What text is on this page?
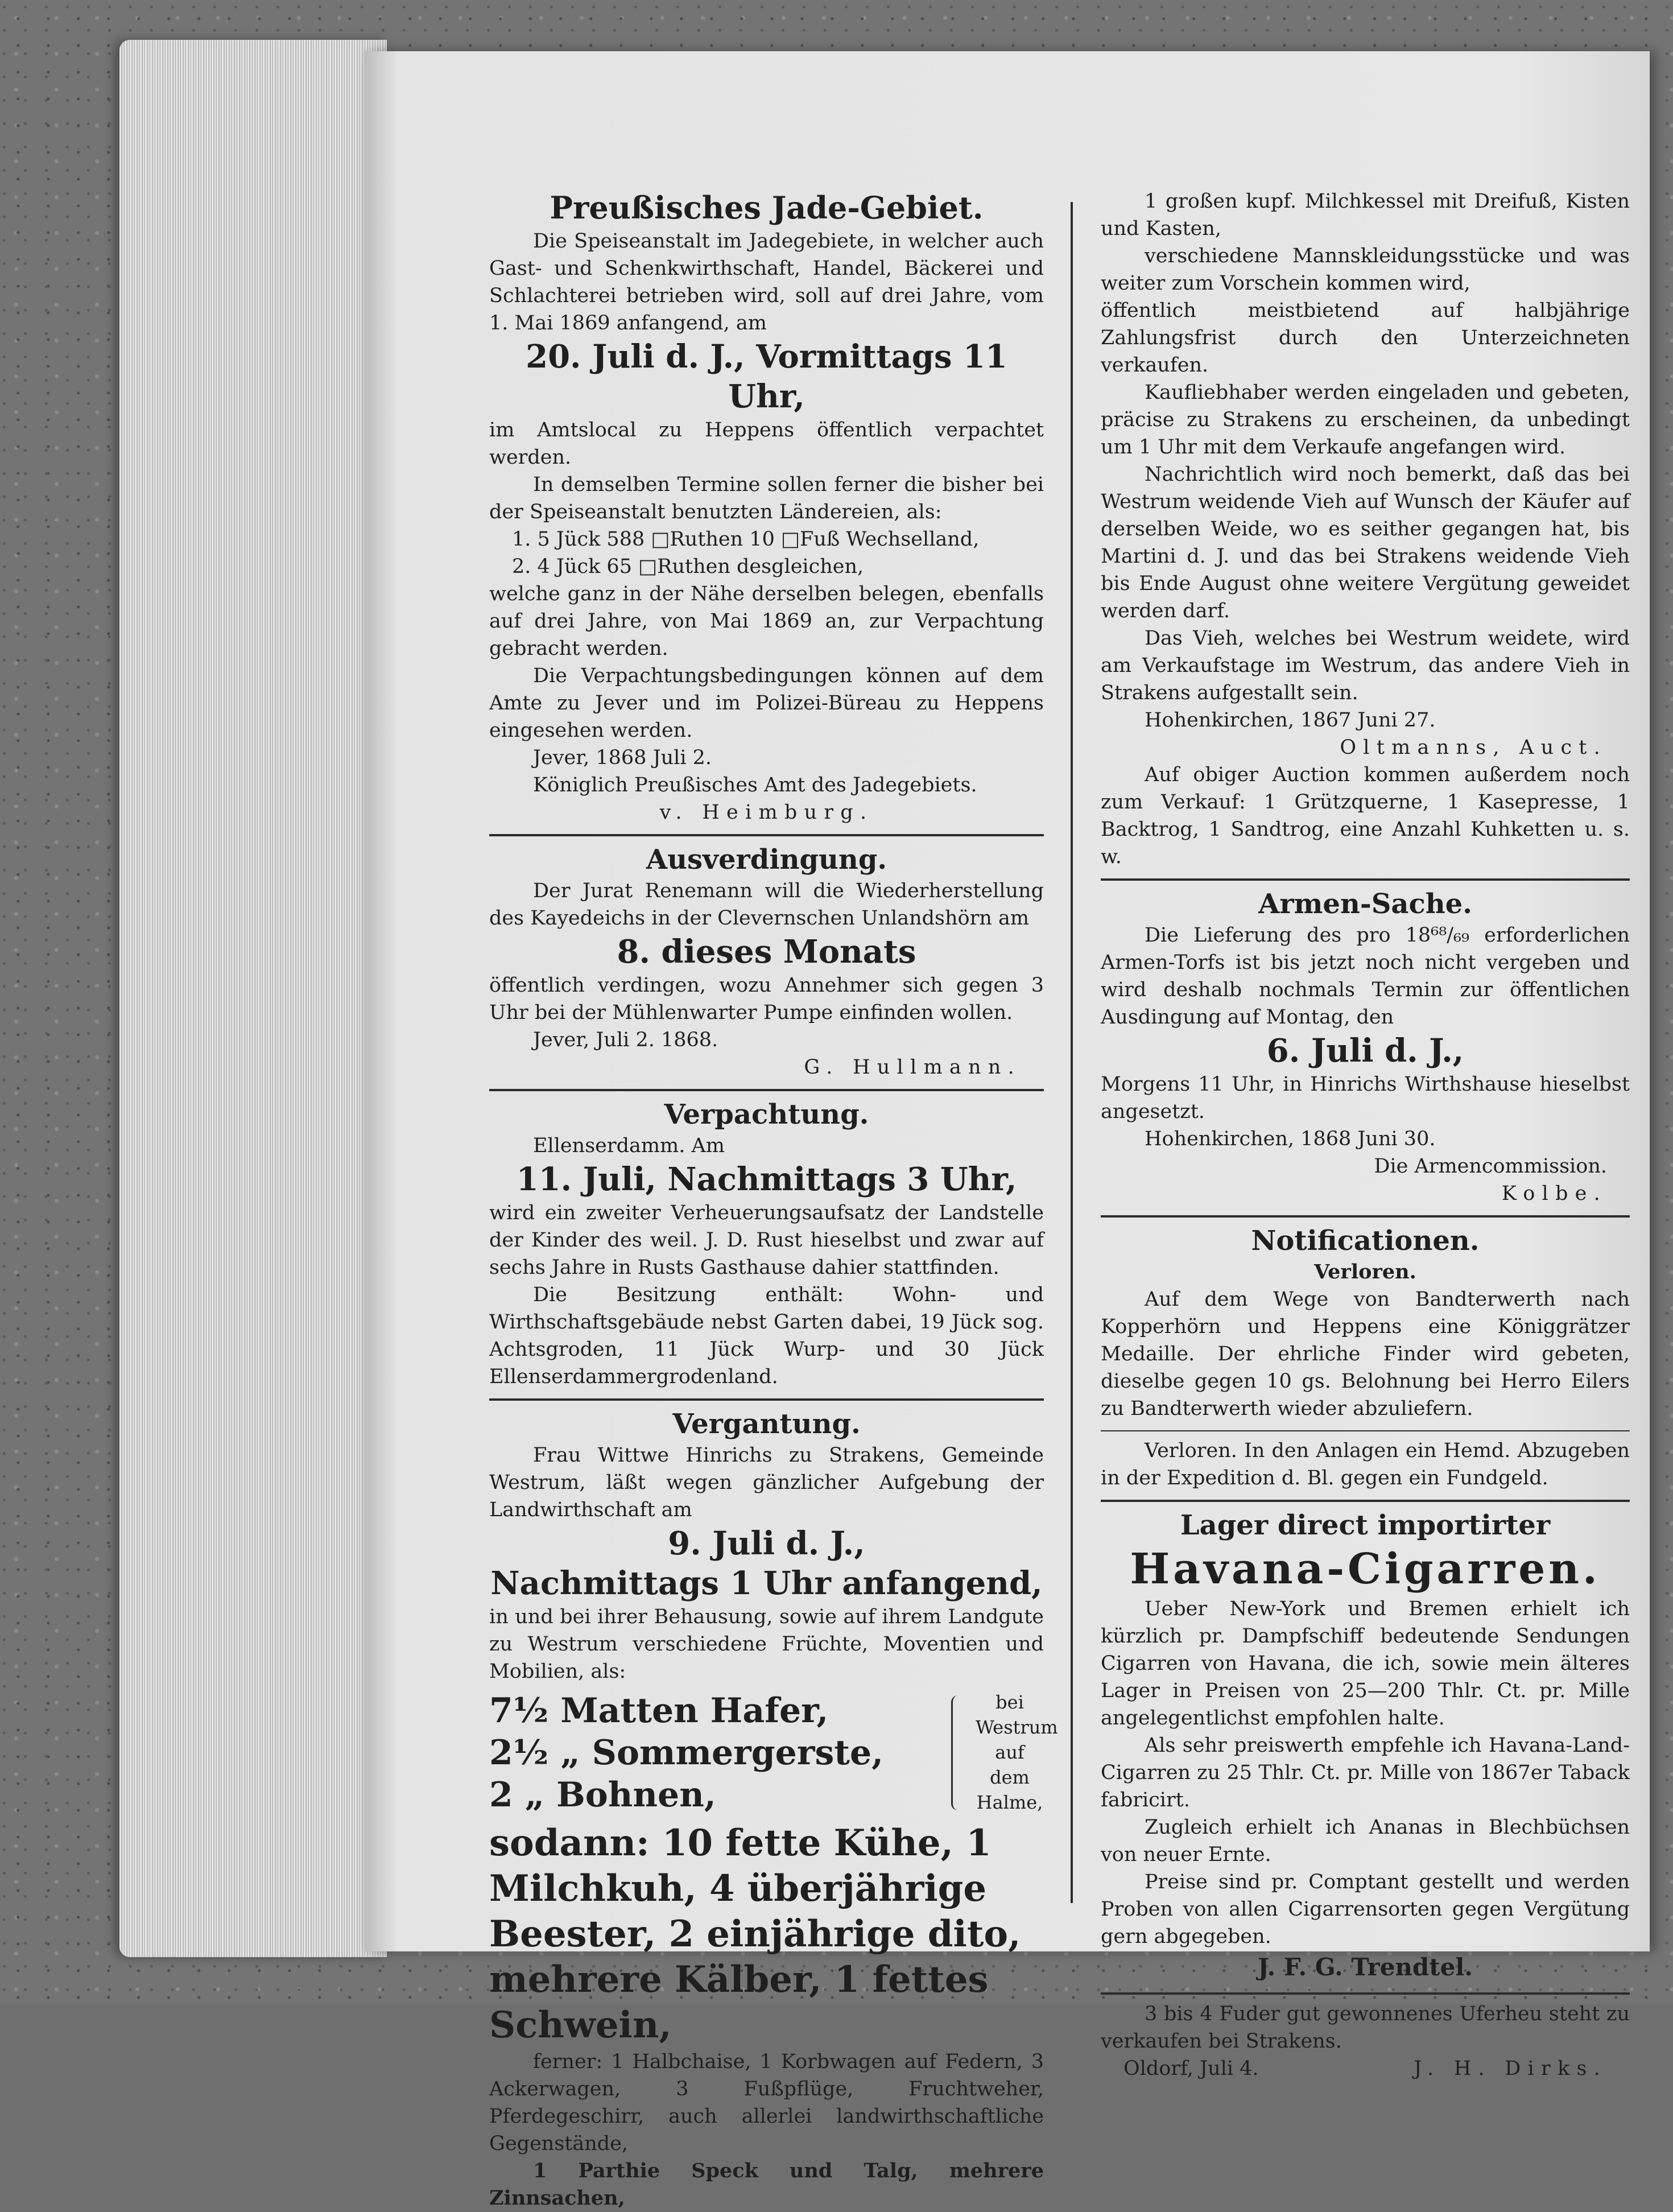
Preußisches Jade-Gebiet.

Die Speiseanstalt im Jadegebiete, in welcher auch Gast- und Schenkwirthschaft, Handel, Bäckerei und Schlachterei betrieben wird, soll auf drei Jahre, vom 1. Mai 1869 anfangend, am

20. Juli d. J., Vormittags 11 Uhr,

im Amtslocal zu Heppens öffentlich verpachtet werden.

In demselben Termine sollen ferner die bisher bei der Speiseanstalt benutzten Ländereien, als:

1. 5 Jück 588 □Ruthen 10 □Fuß Wechselland,
2. 4 Jück 65 □Ruthen desgleichen,

welche ganz in der Nähe derselben belegen, ebenfalls auf drei Jahre, von Mai 1869 an, zur Verpachtung gebracht werden.

Die Verpachtungsbedingungen können auf dem Amte zu Jever und im Polizei-Büreau zu Heppens eingesehen werden.

Jever, 1868 Juli 2.
Königlich Preußisches Amt des Jadegebiets.
v. Heimburg.
Ausverdingung.

Der Jurat Renemann will die Wiederherstellung des Kayedeichs in der Clevernschen Unlandshörn am

8. dieses Monats

öffentlich verdingen, wozu Annehmer sich gegen 3 Uhr bei der Mühlenwarter Pumpe einfinden wollen.

Jever, Juli 2. 1868.
G. Hullmann.
Verpachtung.
Ellenserdamm. Am
11. Juli, Nachmittags 3 Uhr,

wird ein zweiter Verheuerungsaufsatz der Landstelle der Kinder des weil. J. D. Rust hieselbst und zwar auf sechs Jahre in Rusts Gasthause dahier stattfinden.

Die Besitzung enthält: Wohn- und Wirthschaftsgebäude nebst Garten dabei, 19 Jück sog. Achtsgroden, 11 Jück Wurp- und 30 Jück Ellenserdammergrodenland.

Vergantung.

Frau Wittwe Hinrichs zu Strakens, Gemeinde Westrum, läßt wegen gänzlicher Aufgebung der Landwirthschaft am

9. Juli d. J.,
Nachmittags 1 Uhr anfangend,

in und bei ihrer Behausung, sowie auf ihrem Landgute zu Westrum verschiedene Früchte, Moventien und Mobilien, als:

7½ Matten Hafer,
2½ „ Sommergerste,
2 „ Bohnen,
bei Westrum auf dem Halme,
sodann: 10 fette Kühe, 1 Milchkuh, 4 überjährige Beester, 2 einjährige dito, mehrere Kälber, 1 fettes Schwein,

ferner: 1 Halbchaise, 1 Korbwagen auf Federn, 3 Ackerwagen, 3 Fußpflüge, Fruchtweher, Pferdegeschirr, auch allerlei landwirthschaftliche Gegenstände,

1 Parthie Speck und Talg, mehrere Zinnsachen,

1 großen kupf. Milchkessel mit Dreifuß, Kisten und Kasten,

verschiedene Mannskleidungsstücke und was weiter zum Vorschein kommen wird,

öffentlich meistbietend auf halbjährige Zahlungsfrist durch den Unterzeichneten verkaufen.

Kaufliebhaber werden eingeladen und gebeten, präcise zu Strakens zu erscheinen, da unbedingt um 1 Uhr mit dem Verkaufe angefangen wird.

Nachrichtlich wird noch bemerkt, daß das bei Westrum weidende Vieh auf Wunsch der Käufer auf derselben Weide, wo es seither gegangen hat, bis Martini d. J. und das bei Strakens weidende Vieh bis Ende August ohne weitere Vergütung geweidet werden darf.

Das Vieh, welches bei Westrum weidete, wird am Verkaufstage im Westrum, das andere Vieh in Strakens aufgestallt sein.

Hohenkirchen, 1867 Juni 27.
Oltmanns, Auct.

Auf obiger Auction kommen außerdem noch zum Verkauf: 1 Grützquerne, 1 Kasepresse, 1 Backtrog, 1 Sandtrog, eine Anzahl Kuhketten u. s. w.

Armen-Sache.

Die Lieferung des pro 18⁶⁸/₆₉ erforderlichen Armen-Torfs ist bis jetzt noch nicht vergeben und wird deshalb nochmals Termin zur öffentlichen Ausdingung auf Montag, den

6. Juli d. J.,

Morgens 11 Uhr, in Hinrichs Wirthshause hieselbst angesetzt.

Hohenkirchen, 1868 Juni 30.
Die Armencommission.
Kolbe.
Notificationen.
Verloren.

Auf dem Wege von Bandterwerth nach Kopperhörn und Heppens eine Königgrätzer Medaille. Der ehrliche Finder wird gebeten, dieselbe gegen 10 gs. Belohnung bei Herro Eilers zu Bandterwerth wieder abzuliefern.

Verloren. In den Anlagen ein Hemd. Abzugeben in der Expedition d. Bl. gegen ein Fundgeld.

Lager direct importirter
Havana-Cigarren.

Ueber New-York und Bremen erhielt ich kürzlich pr. Dampfschiff bedeutende Sendungen Cigarren von Havana, die ich, sowie mein älteres Lager in Preisen von 25—200 Thlr. Ct. pr. Mille angelegentlichst empfohlen halte.

Als sehr preiswerth empfehle ich Havana-Land-Cigarren zu 25 Thlr. Ct. pr. Mille von 1867er Taback fabricirt.

Zugleich erhielt ich Ananas in Blechbüchsen von neuer Ernte.

Preise sind pr. Comptant gestellt und werden Proben von allen Cigarrensorten gegen Vergütung gern abgegeben.

J. F. G. Trendtel.

3 bis 4 Fuder gut gewonnenes Uferheu steht zu verkaufen bei Strakens.

Oldorf, Juli 4.	J. H. Dirks.
